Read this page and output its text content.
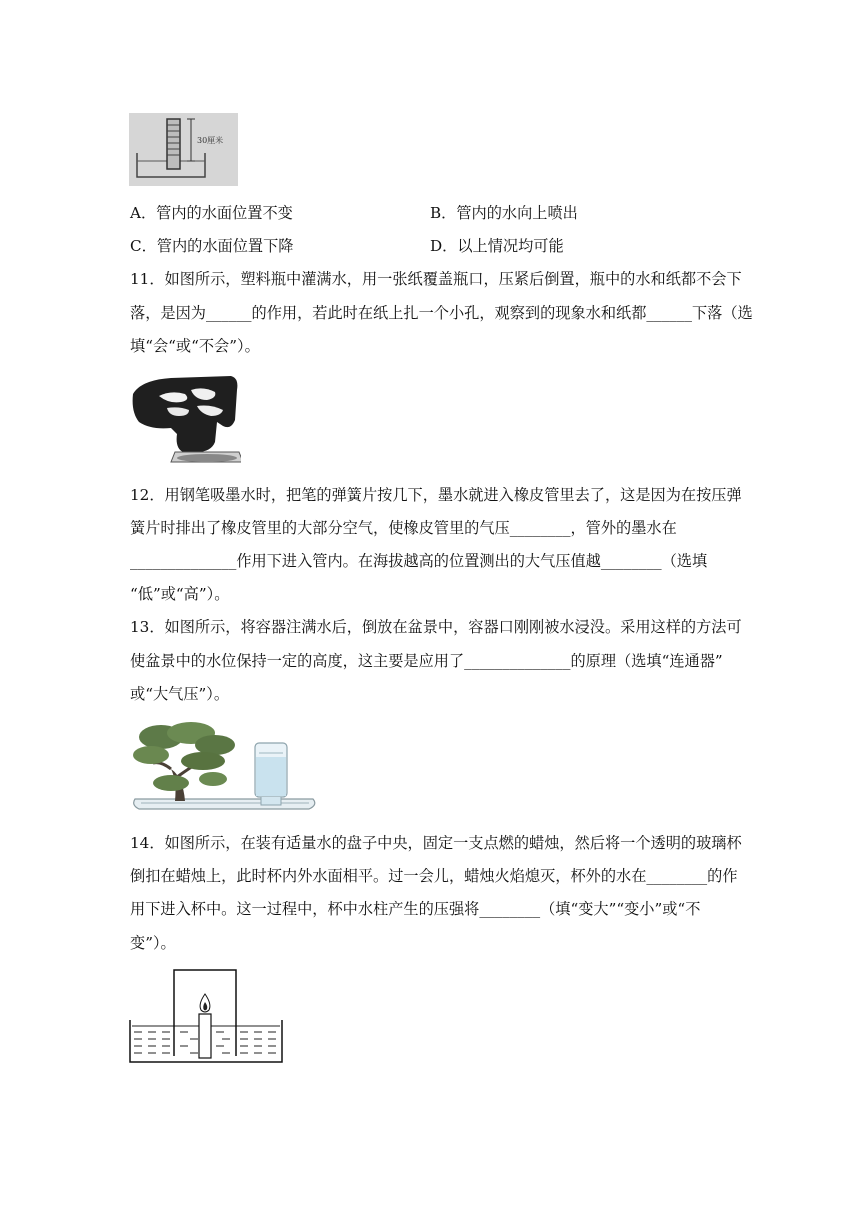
30厘米
A．管内的水面位置不变	B．管内的水向上喷出
C．管内的水面位置下降	D．以上情况均可能
11．如图所示，塑料瓶中灌满水，用一张纸覆盖瓶口，压紧后倒置，瓶中的水和纸都不会下
落，是因为______的作用，若此时在纸上扎一个小孔，观察到的现象水和纸都______下落（选
填“会“或“不会”）。
12．用钢笔吸墨水时，把笔的弹簧片按几下，墨水就进入橡皮管里去了，这是因为在按压弹
簧片时排出了橡皮管里的大部分空气，使橡皮管里的气压________，管外的墨水在
______________作用下进入管内。在海拔越高的位置测出的大气压值越________（选填
“低”或“高”）。
13．如图所示，将容器注满水后，倒放在盆景中，容器口刚刚被水浸没。采用这样的方法可
使盆景中的水位保持一定的高度，这主要是应用了______________的原理（选填“连通器”
或“大气压”）。
14．如图所示，在装有适量水的盘子中央，固定一支点燃的蜡烛，然后将一个透明的玻璃杯
倒扣在蜡烛上，此时杯内外水面相平。过一会儿，蜡烛火焰熄灭，杯外的水在________的作
用下进入杯中。这一过程中，杯中水柱产生的压强将________（填“变大”“变小”或“不
变”）。
